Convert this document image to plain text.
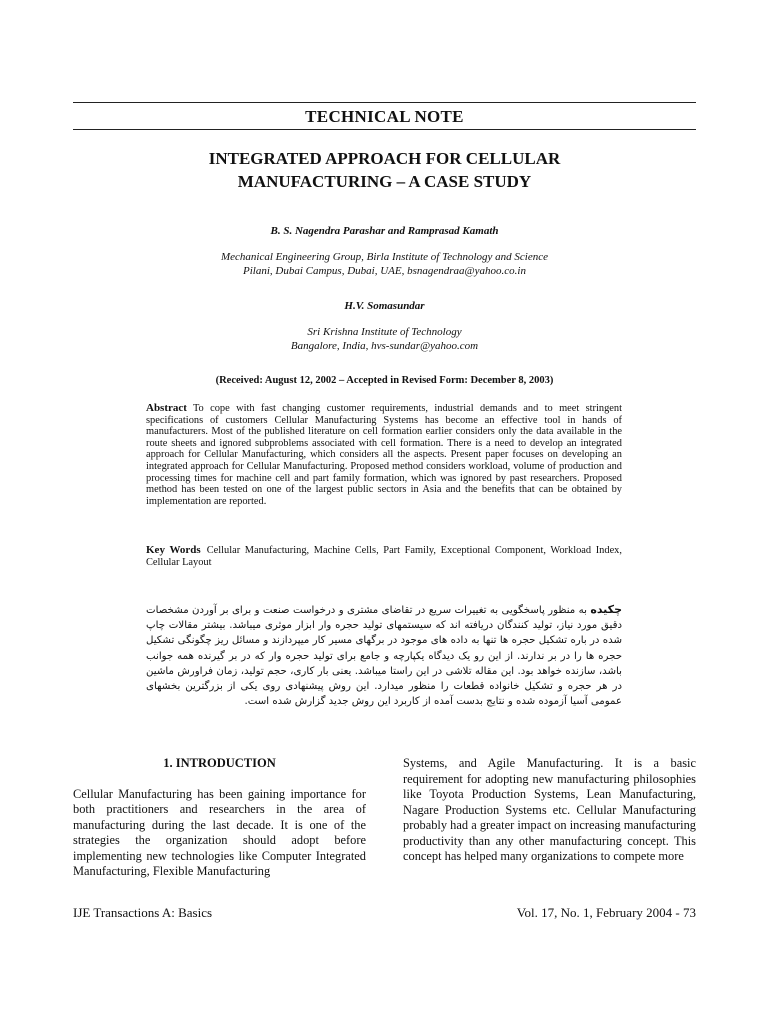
TECHNICAL NOTE
INTEGRATED APPROACH FOR CELLULAR
MANUFACTURING – A CASE STUDY
B. S. Nagendra Parashar and Ramprasad Kamath
Mechanical Engineering Group, Birla Institute of Technology and Science
Pilani, Dubai Campus, Dubai, UAE, bsnagendraa@yahoo.co.in
H.V. Somasundar
Sri Krishna Institute of Technology
Bangalore, India, hvs-sundar@yahoo.com
(Received: August 12, 2002 – Accepted in Revised Form: December 8, 2003)
Abstract To cope with fast changing customer requirements, industrial demands and to meet stringent specifications of customers Cellular Manufacturing Systems has become an effective tool in hands of manufacturers. Most of the published literature on cell formation earlier considers only the data available in the route sheets and ignored subproblems associated with cell formation. There is a need to develop an integrated approach for Cellular Manufacturing, which considers all the aspects. Present paper focuses on developing an integrated approach for Cellular Manufacturing. Proposed method considers workload, volume of production and processing times for machine cell and part family formation, which was ignored by past researchers. Proposed method has been tested on one of the largest public sectors in Asia and the benefits that can be obtained by implementation are reported.
Key Words Cellular Manufacturing, Machine Cells, Part Family, Exceptional Component, Workload Index, Cellular Layout
چکیده به منظور پاسخگویی به تغییرات سریع در تقاضای مشتری و درخواست صنعت و برای بر آوردن مشخصات دقیق مورد نیاز، تولید کنندگان دریافته اند که سیستمهای تولید حجره وار ابزار موثری میباشد. بیشتر مقالات چاپ شده در باره تشکیل حجره ها تنها به داده های موجود در برگهای مسیر کار میپردازند و مسائل ریز چگونگی تشکیل حجره ها را در بر ندارند. از این رو یک دیدگاه یکپارچه و جامع برای تولید حجره وار که در بر گیرنده همه جوانب باشد، سازنده خواهد بود. این مقاله تلاشی در این راستا میباشد. یعنی بار کاری، حجم تولید، زمان فراورش ماشین در هر حجره و تشکیل خانواده قطعات را منظور میدارد. این روش پیشنهادی روی یکی از بزرگترین بخشهای عمومی آسیا آزموده شده و نتایج بدست آمده از کاربرد این روش جدید گزارش شده است.
1. INTRODUCTION

Cellular Manufacturing has been gaining importance for both practitioners and researchers in the area of manufacturing during the last decade. It is one of the strategies the organization should adopt before implementing new technologies like Computer Integrated Manufacturing, Flexible Manufacturing

Systems, and Agile Manufacturing. It is a basic requirement for adopting new manufacturing philosophies like Toyota Production Systems, Lean Manufacturing, Nagare Production Systems etc. Cellular Manufacturing probably had a greater impact on increasing manufacturing productivity than any other manufacturing concept. This concept has helped many organizations to compete more

IJE Transactions A: Basics	Vol. 17, No. 1, February 2004 - 73
